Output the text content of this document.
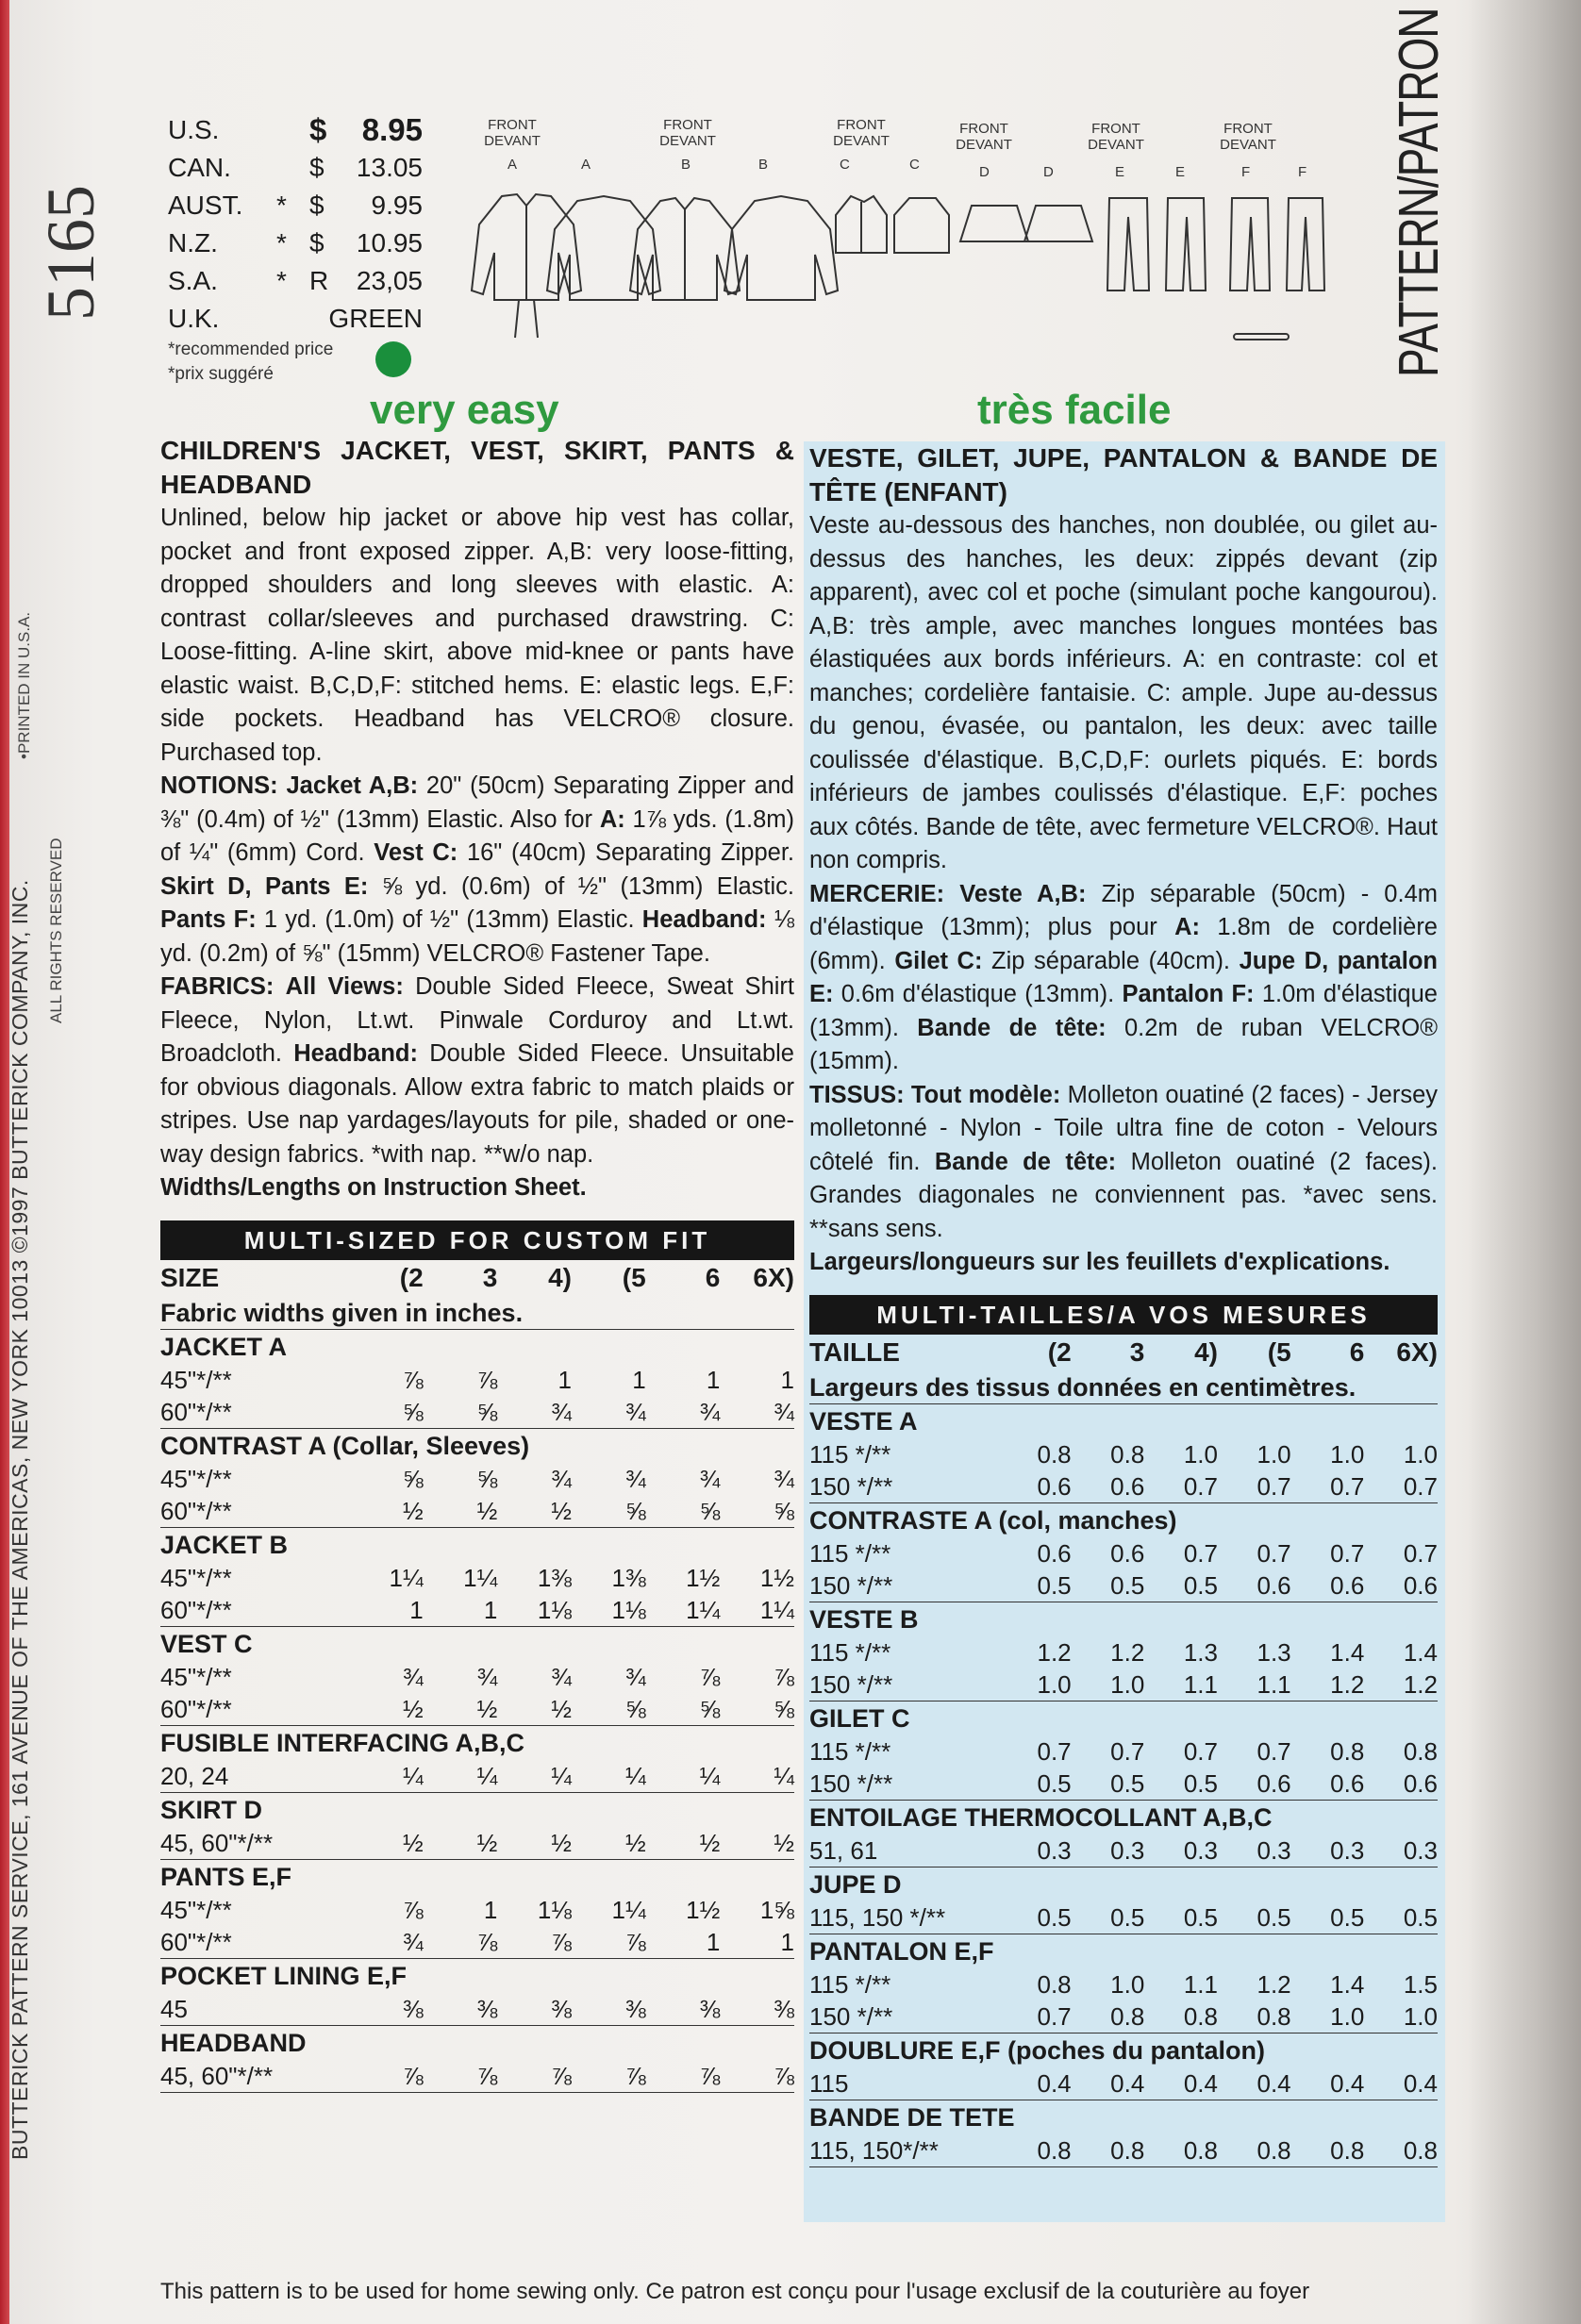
5165
BUTTERICK PATTERN SERVICE, 161 AVENUE OF THE AMERICAS, NEW YORK 10013 ©1997 BUTTERICK COMPANY, INC.
•PRINTED IN U.S.A.
ALL RIGHTS RESERVED
PATTERN/PATRON
U.S.	$	8.95
CAN.	$	13.05
AUST.	* $	9.95
N.Z.	* $	10.95
S.A.	* R	23,05
U.K.	GREEN
*recommended price
*prix suggéré
FRONT
DEVANT
FRONT
DEVANT
FRONT
DEVANT
FRONT
DEVANT
FRONT
DEVANT
FRONT
DEVANT
A	A	B	B	C	C	D	D	E	E	F	F
very easy	très facile
CHILDREN'S JACKET, VEST, SKIRT, PANTS & HEADBAND

Unlined, below hip jacket or above hip vest has collar, pocket and front exposed zipper. A,B: very loose-fitting, dropped shoulders and long sleeves with elastic. A: contrast collar/sleeves and purchased drawstring. C: Loose-fitting. A-line skirt, above mid-knee or pants have elastic waist. B,C,D,F: stitched hems. E: elastic legs. E,F: side pockets. Headband has VELCRO® closure. Purchased top.

NOTIONS: Jacket A,B: 20" (50cm) Separating Zipper and ⅜" (0.4m) of ½" (13mm) Elastic. Also for A: 1⅞ yds. (1.8m) of ¼" (6mm) Cord. Vest C: 16" (40cm) Separating Zipper. Skirt D, Pants E: ⅝ yd. (0.6m) of ½" (13mm) Elastic. Pants F: 1 yd. (1.0m) of ½" (13mm) Elastic. Headband: ⅛ yd. (0.2m) of ⅝" (15mm) VELCRO® Fastener Tape.

FABRICS: All Views: Double Sided Fleece, Sweat Shirt Fleece, Nylon, Lt.wt. Pinwale Corduroy and Lt.wt. Broadcloth. Headband: Double Sided Fleece. Unsuitable for obvious diagonals. Allow extra fabric to match plaids or stripes. Use nap yardages/layouts for pile, shaded or one-way design fabrics. *with nap. **w/o nap.

Widths/Lengths on Instruction Sheet.

MULTI-SIZED FOR CUSTOM FIT
SIZE	(2	3	4)	(5	6	6X)
Fabric widths given in inches.
JACKET A
45"*/**	⅞	⅞	1	1	1	1
60"*/**	⅝	⅝	¾	¾	¾	¾
CONTRAST A (Collar, Sleeves)
45"*/**	⅝	⅝	¾	¾	¾	¾
60"*/**	½	½	½	⅝	⅝	⅝
JACKET B
45"*/**	1¼	1¼	1⅜	1⅜	1½	1½
60"*/**	1	1	1⅛	1⅛	1¼	1¼
VEST C
45"*/**	¾	¾	¾	¾	⅞	⅞
60"*/**	½	½	½	⅝	⅝	⅝
FUSIBLE INTERFACING A,B,C
20, 24	¼	¼	¼	¼	¼	¼
SKIRT D
45, 60"*/**	½	½	½	½	½	½
PANTS E,F
45"*/**	⅞	1	1⅛	1¼	1½	1⅝
60"*/**	¾	⅞	⅞	⅞	1	1
POCKET LINING E,F
45	⅜	⅜	⅜	⅜	⅜	⅜
HEADBAND
45, 60"*/**	⅞	⅞	⅞	⅞	⅞	⅞
VESTE, GILET, JUPE, PANTALON & BANDE DE TÊTE (ENFANT)

Veste au-dessous des hanches, non doublée, ou gilet au-dessus des hanches, les deux: zippés devant (zip apparent), avec col et poche (simulant poche kangourou). A,B: très ample, avec manches longues montées bas élastiquées aux bords inférieurs. A: en contraste: col et manches; cordelière fantaisie. C: ample. Jupe au-dessus du genou, évasée, ou pantalon, les deux: avec taille coulissée d'élastique. B,C,D,F: ourlets piqués. E: bords inférieurs de jambes coulissés d'élastique. E,F: poches aux côtés. Bande de tête, avec fermeture VELCRO®. Haut non compris.

MERCERIE: Veste A,B: Zip séparable (50cm) - 0.4m d'élastique (13mm); plus pour A: 1.8m de cordelière (6mm). Gilet C: Zip séparable (40cm). Jupe D, pantalon E: 0.6m d'élastique (13mm). Pantalon F: 1.0m d'élastique (13mm). Bande de tête: 0.2m de ruban VELCRO® (15mm).

TISSUS: Tout modèle: Molleton ouatiné (2 faces) - Jersey molletonné - Nylon - Toile ultra fine de coton - Velours côtelé fin. Bande de tête: Molleton ouatiné (2 faces). Grandes diagonales ne conviennent pas. *avec sens. **sans sens.

Largeurs/longueurs sur les feuillets d'explications.

MULTI-TAILLES/A VOS MESURES
TAILLE	(2	3	4)	(5	6	6X)
Largeurs des tissus données en centimètres.
VESTE A
115 */**	0.8	0.8	1.0	1.0	1.0	1.0
150 */**	0.6	0.6	0.7	0.7	0.7	0.7
CONTRASTE A (col, manches)
115 */**	0.6	0.6	0.7	0.7	0.7	0.7
150 */**	0.5	0.5	0.5	0.6	0.6	0.6
VESTE B
115 */**	1.2	1.2	1.3	1.3	1.4	1.4
150 */**	1.0	1.0	1.1	1.1	1.2	1.2
GILET C
115 */**	0.7	0.7	0.7	0.7	0.8	0.8
150 */**	0.5	0.5	0.5	0.6	0.6	0.6
ENTOILAGE THERMOCOLLANT A,B,C
51, 61	0.3	0.3	0.3	0.3	0.3	0.3
JUPE D
115, 150 */**	0.5	0.5	0.5	0.5	0.5	0.5
PANTALON E,F
115 */**	0.8	1.0	1.1	1.2	1.4	1.5
150 */**	0.7	0.8	0.8	0.8	1.0	1.0
DOUBLURE E,F (poches du pantalon)
115	0.4	0.4	0.4	0.4	0.4	0.4
BANDE DE TETE
115, 150*/**	0.8	0.8	0.8	0.8	0.8	0.8
This pattern is to be used for home sewing only. Ce patron est conçu pour l'usage exclusif de la couturière au foyer
